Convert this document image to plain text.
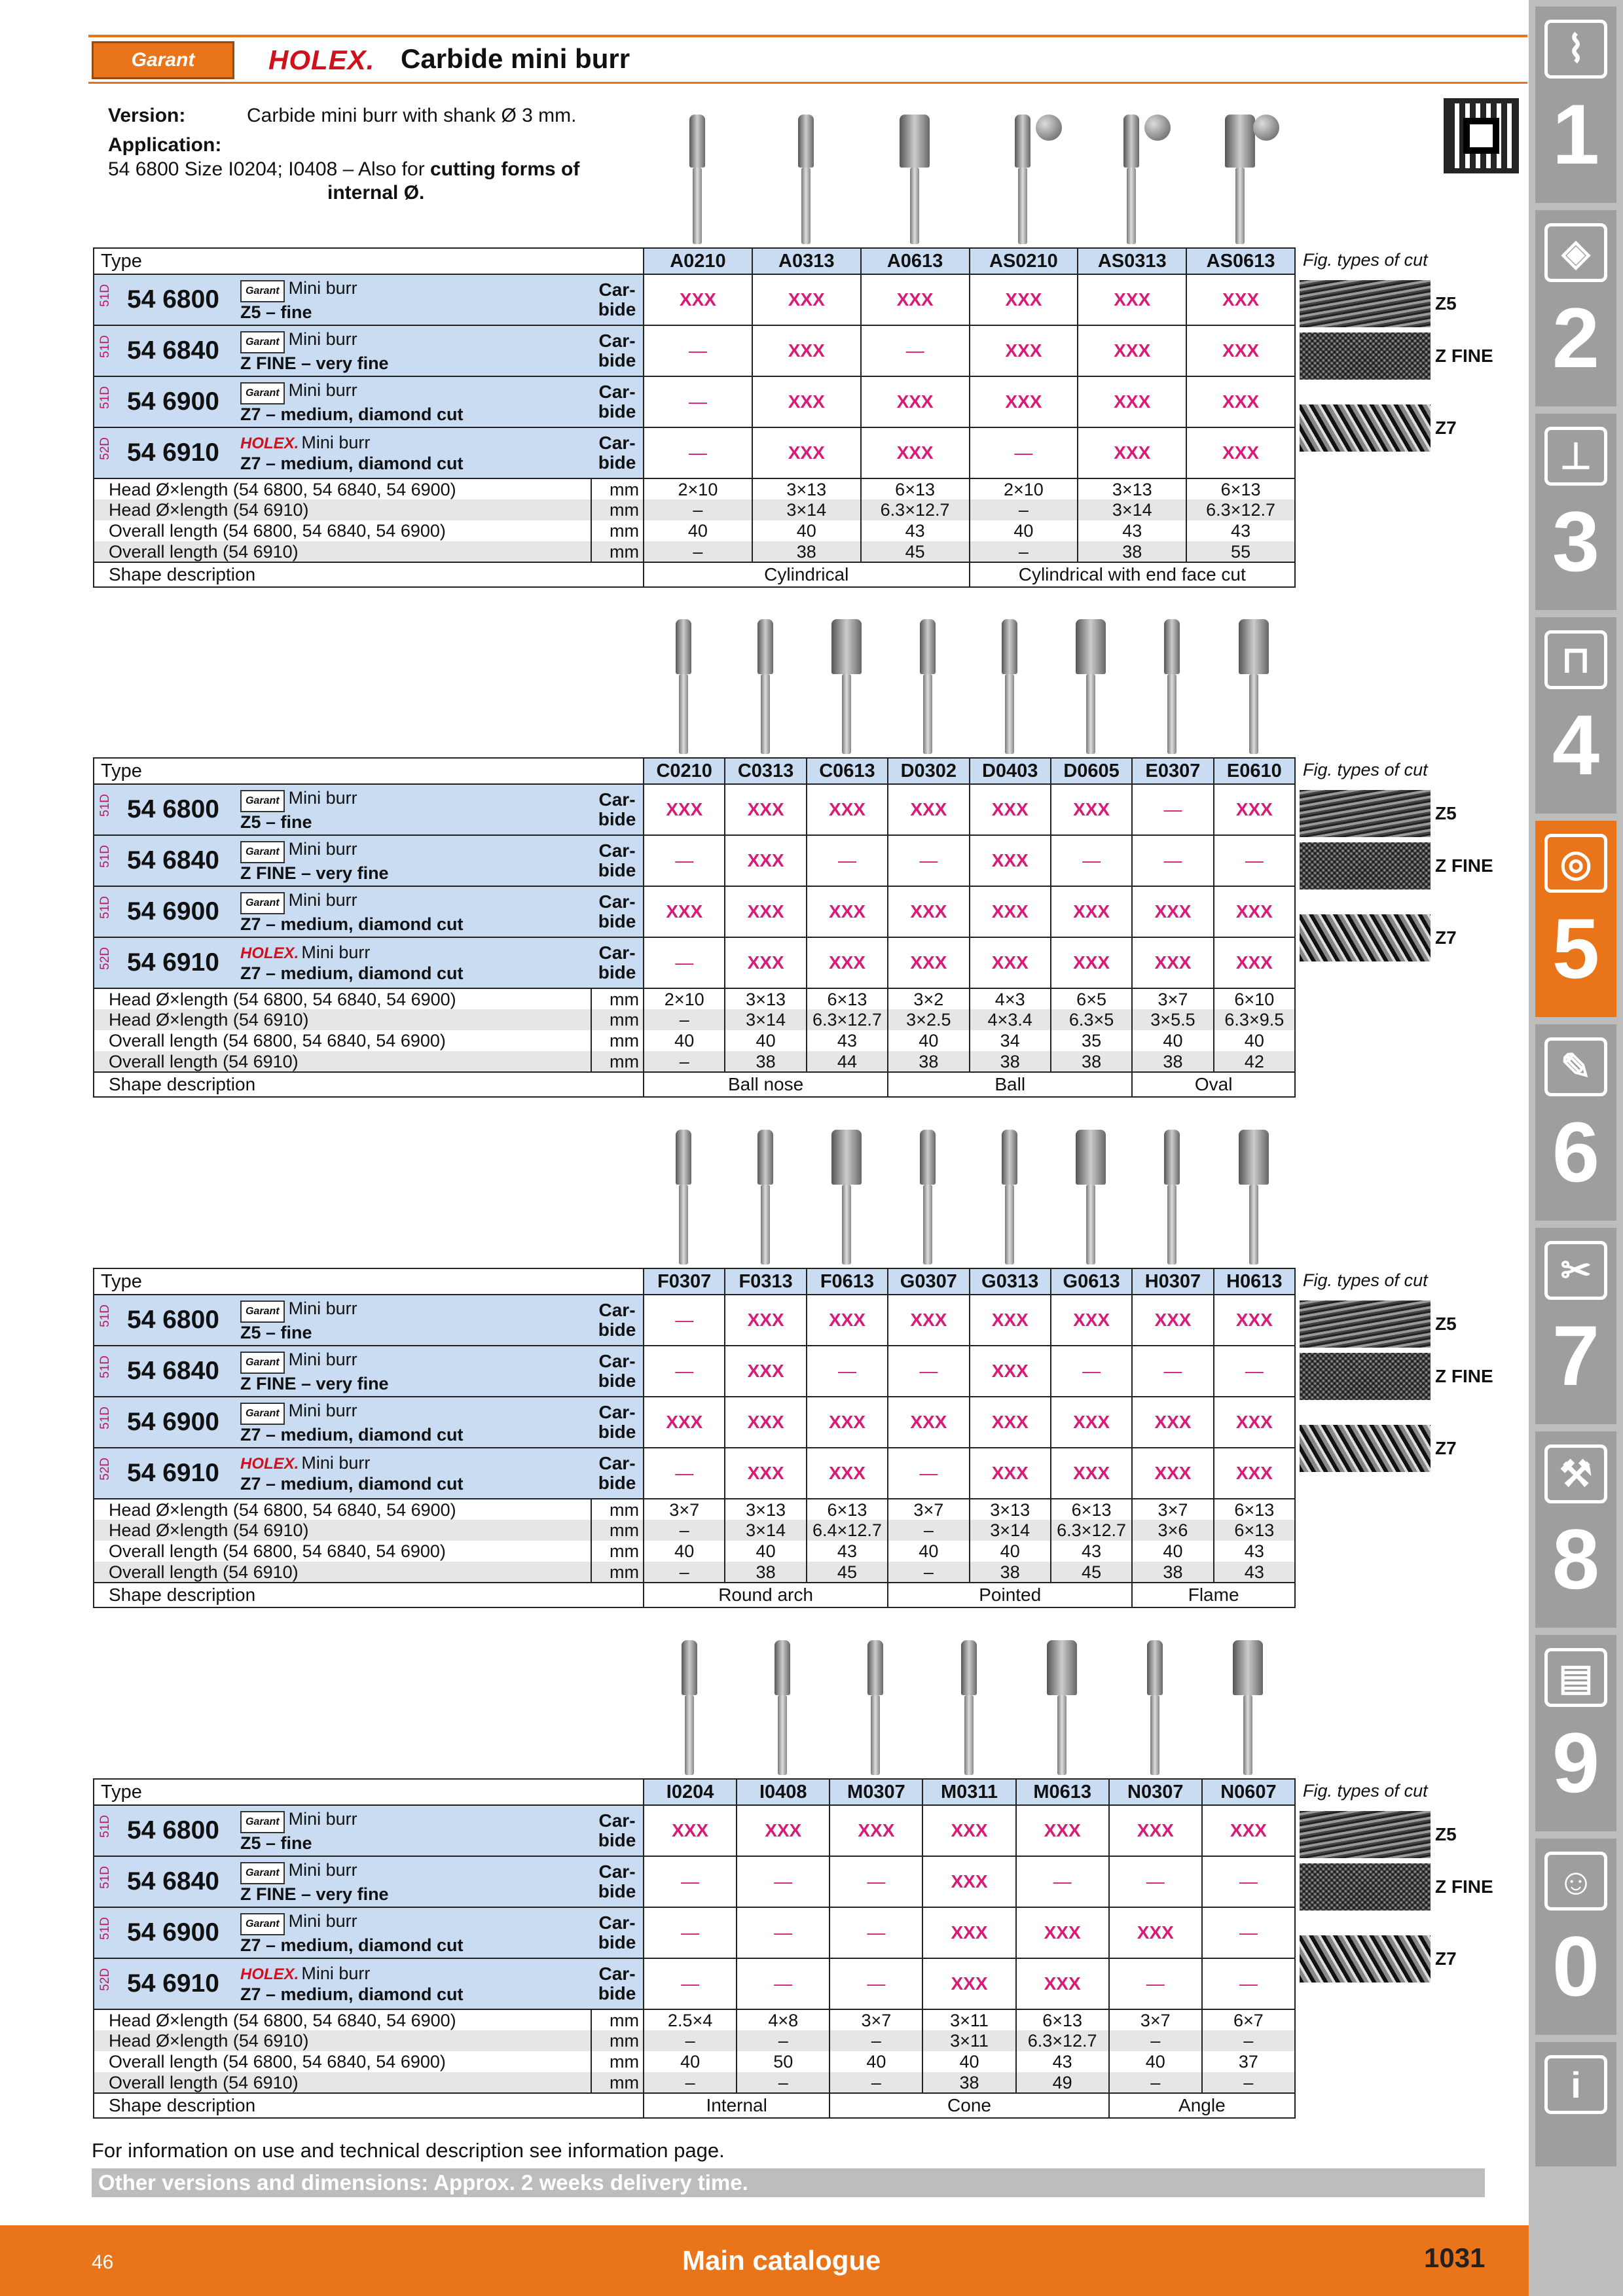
Garant	HOLEX. Carbide mini burr
Version:	Carbide mini burr with shank Ø 3 mm.
Application:
54 6800 Size I0204; I0408 – Also for cutting forms of
internal Ø.
Type			A0210	A0313	A0613	AS0210	AS0313	AS0613

51D 54 6800	Garant Mini burr
Z5 – fine	Car-
bide	XXX	XXX	XXX	XXX	XXX	XXX

51D 54 6840	Garant Mini burr
Z FINE – very fine	Car-
bide	—	XXX	—	XXX	XXX	XXX

51D 54 6900	Garant Mini burr
Z7 – medium, diamond cut	Car-
bide	—	XXX	XXX	XXX	XXX	XXX

52D 54 6910	HOLEX. Mini burr
Z7 – medium, diamond cut	Car-
bide	—	XXX	XXX	—	XXX	XXX
Head Ø×length (54 6800, 54 6840, 54 6900)		mm	2×10	3×13	6×13	2×10	3×13	6×13
Head Ø×length (54 6910)		mm	–	3×14	6.3×12.7	–	3×14	6.3×12.7
Overall length (54 6800, 54 6840, 54 6900)		mm	40	40	43	40	43	43
Overall length (54 6910)		mm	–	38	45	–	38	55
Shape description			Cylindrical			Cylindrical with end face cut		
Fig. types of cut
Z5
Z FINE
Z7
Type			C0210	C0313	C0613	D0302	D0403	D0605	E0307	E0610

51D 54 6800	Garant Mini burr
Z5 – fine	Car-
bide	XXX	XXX	XXX	XXX	XXX	XXX	—	XXX

51D 54 6840	Garant Mini burr
Z FINE – very fine	Car-
bide	—	XXX	—	—	XXX	—	—	—

51D 54 6900	Garant Mini burr
Z7 – medium, diamond cut	Car-
bide	XXX	XXX	XXX	XXX	XXX	XXX	XXX	XXX

52D 54 6910	HOLEX. Mini burr
Z7 – medium, diamond cut	Car-
bide	—	XXX	XXX	XXX	XXX	XXX	XXX	XXX
Head Ø×length (54 6800, 54 6840, 54 6900)		mm	2×10	3×13	6×13	3×2	4×3	6×5	3×7	6×10
Head Ø×length (54 6910)		mm	–	3×14	6.3×12.7	3×2.5	4×3.4	6.3×5	3×5.5	6.3×9.5
Overall length (54 6800, 54 6840, 54 6900)		mm	40	40	43	40	34	35	40	40
Overall length (54 6910)		mm	–	38	44	38	38	38	38	42
Shape description			Ball nose			Ball			Oval	
Fig. types of cut
Z5
Z FINE
Z7
Type			F0307	F0313	F0613	G0307	G0313	G0613	H0307	H0613

51D 54 6800	Garant Mini burr
Z5 – fine	Car-
bide	—	XXX	XXX	XXX	XXX	XXX	XXX	XXX

51D 54 6840	Garant Mini burr
Z FINE – very fine	Car-
bide	—	XXX	—	—	XXX	—	—	—

51D 54 6900	Garant Mini burr
Z7 – medium, diamond cut	Car-
bide	XXX	XXX	XXX	XXX	XXX	XXX	XXX	XXX

52D 54 6910	HOLEX. Mini burr
Z7 – medium, diamond cut	Car-
bide	—	XXX	XXX	—	XXX	XXX	XXX	XXX
Head Ø×length (54 6800, 54 6840, 54 6900)		mm	3×7	3×13	6×13	3×7	3×13	6×13	3×7	6×13
Head Ø×length (54 6910)		mm	–	3×14	6.4×12.7	–	3×14	6.3×12.7	3×6	6×13
Overall length (54 6800, 54 6840, 54 6900)		mm	40	40	43	40	40	43	40	43
Overall length (54 6910)		mm	–	38	45	–	38	45	38	43
Shape description			Round arch			Pointed			Flame	
Fig. types of cut
Z5
Z FINE
Z7
Type			I0204	I0408	M0307	M0311	M0613	N0307	N0607

51D 54 6800	Garant Mini burr
Z5 – fine	Car-
bide	XXX	XXX	XXX	XXX	XXX	XXX	XXX

51D 54 6840	Garant Mini burr
Z FINE – very fine	Car-
bide	—	—	—	XXX	—	—	—

51D 54 6900	Garant Mini burr
Z7 – medium, diamond cut	Car-
bide	—	—	—	XXX	XXX	XXX	—

52D 54 6910	HOLEX. Mini burr
Z7 – medium, diamond cut	Car-
bide	—	—	—	XXX	XXX	—	—
Head Ø×length (54 6800, 54 6840, 54 6900)		mm	2.5×4	4×8	3×7	3×11	6×13	3×7	6×7
Head Ø×length (54 6910)		mm	–	–	–	3×11	6.3×12.7	–	–
Overall length (54 6800, 54 6840, 54 6900)		mm	40	50	40	40	43	40	37
Overall length (54 6910)		mm	–	–	–	38	49	–	–
Shape description			Internal		Cone			Angle	
Fig. types of cut
Z5
Z FINE
Z7
For information on use and technical description see information page.
Other versions and dimensions: Approx. 2 weeks delivery time.
46	Main catalogue	1031
⌇
1
◈
2
⊥
3
⊓
4
◎
5
✎
6
✂
7
⚒
8
▤
9
☺
0
i
